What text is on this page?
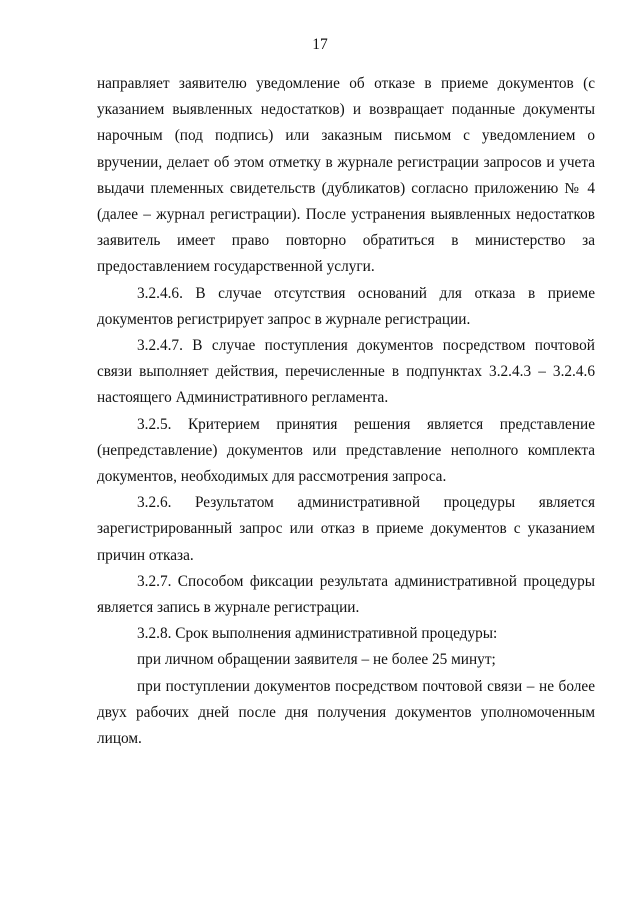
17

направляет заявителю уведомление об отказе в приеме документов (с указанием выявленных недостатков) и возвращает поданные документы нарочным (под подпись) или заказным письмом с уведомлением о вручении, делает об этом отметку в журнале регистрации запросов и учета выдачи племенных свидетельств (дубликатов) согласно приложению № 4 (далее – журнал регистрации). После устранения выявленных недостатков заявитель имеет право повторно обратиться в министерство за предоставлением государственной услуги.

3.2.4.6. В случае отсутствия оснований для отказа в приеме документов регистрирует запрос в журнале регистрации.

3.2.4.7. В случае поступления документов посредством почтовой связи выполняет действия, перечисленные в подпунктах 3.2.4.3 – 3.2.4.6 настоящего Административного регламента.

3.2.5. Критерием принятия решения является представление (непредставление) документов или представление неполного комплекта документов, необходимых для рассмотрения запроса.

3.2.6. Результатом административной процедуры является зарегистрированный запрос или отказ в приеме документов с указанием причин отказа.

3.2.7. Способом фиксации результата административной процедуры является запись в журнале регистрации.

3.2.8. Срок выполнения административной процедуры:

при личном обращении заявителя – не более 25 минут;

при поступлении документов посредством почтовой связи – не более двух рабочих дней после дня получения документов уполномоченным лицом.
